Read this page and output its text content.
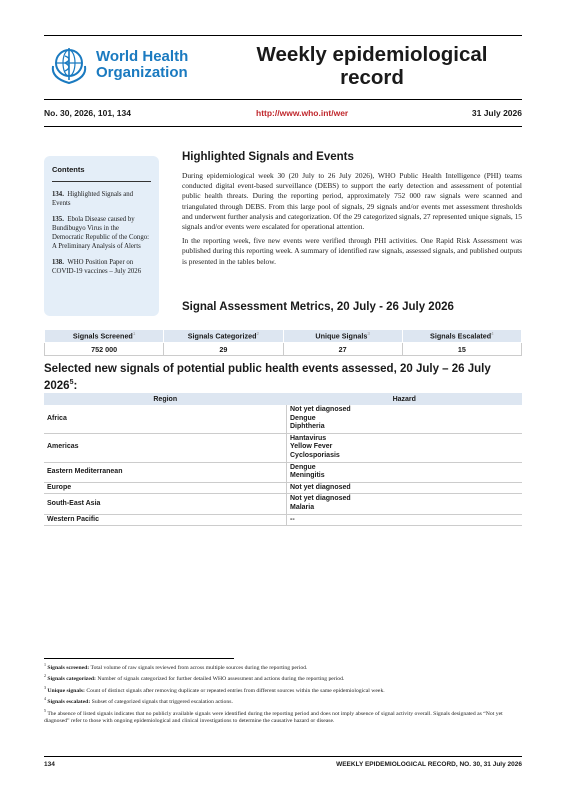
World Health
Organization
Weekly epidemiological
record
No. 30, 2026, 101, 134	http://www.who.int/wer	31 July 2026
Contents
134. Highlighted Signals and Events
135. Ebola Disease caused by Bundibugyo Virus in the Democratic Republic of the Congo: A Preliminary Analysis of Alerts
138. WHO Position Paper on COVID-19 vaccines – July 2026
Highlighted Signals and Events

During epidemiological week 30 (20 July to 26 July 2026), WHO Public Health Intelligence (PHI) teams conducted digital event-based surveillance (DEBS) to support the early detection and assessment of potential public health threats. During the reporting period, approximately 752 000 raw signals were scanned and triangulated through DEBS. From this large pool of signals, 29 signals and/or events met assessment thresholds and underwent further analysis and categorization. Of the 29 categorized signals, 27 represented unique signals, 15 signals and/or events were escalated for operational attention.

In the reporting week, five new events were verified through PHI activities. One Rapid Risk Assessment was published during this reporting week. A summary of identified raw signals, assessed signals, and published outputs is presented in the tables below.

Signal Assessment Metrics, 20 July - 26 July 2026
Signals Screened$^1$	Signals Categorized$^2$	Unique Signals$^3$	Signals Escalated$^4$
752 000	29	27	15
Selected new signals of potential public health events assessed, 20 July – 26 July 2026$^5$:
Region	Hazard
Africa	Not yet diagnosed
Dengue
Diphtheria

Americas	Hantavirus
Yellow Fever
Cyclosporiasis

Eastern Mediterranean	Dengue
Meningitis

Europe	Not yet diagnosed

South-East Asia	Not yet diagnosed
Malaria

Western Pacific	--
$^1$ Signals screened: Total volume of raw signals reviewed from across multiple sources during the reporting period.
$^2$ Signals categorized: Number of signals categorized for further detailed WHO assessment and actions during the reporting period.
$^3$ Unique signals: Count of distinct signals after removing duplicate or repeated entries from different sources within the same epidemiological week.
$^4$ Signals escalated: Subset of categorized signals that triggered escalation actions.
$^5$ The absence of listed signals indicates that no publicly available signals were identified during the reporting period and does not imply absence of signal activity overall. Signals designated as “Not yet diagnosed” refer to those with ongoing epidemiological and clinical investigations to determine the causative hazard or disease.
134	WEEKLY EPIDEMIOLOGICAL RECORD, NO. 30, 31 July 2026
